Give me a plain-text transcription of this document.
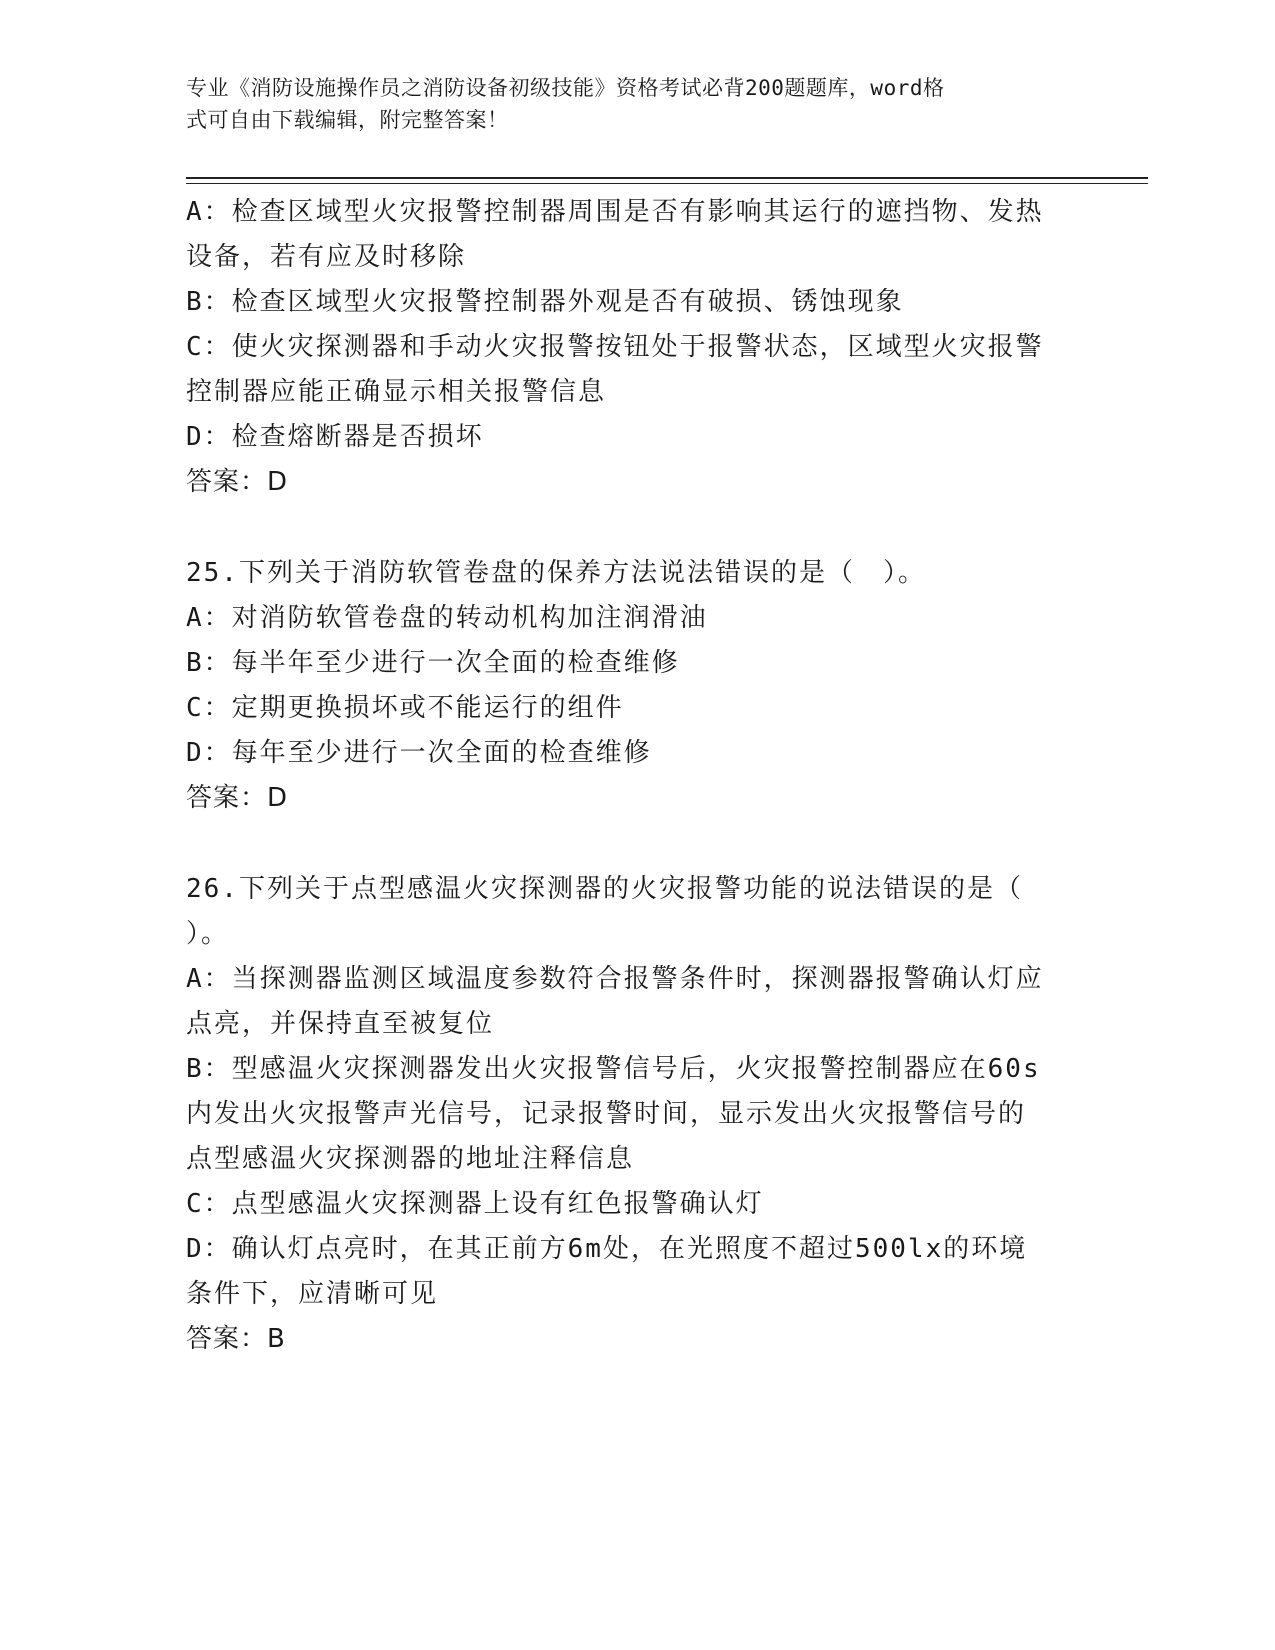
专业《消防设施操作员之消防设备初级技能》资格考试必背200题题库，word格
式可自由下载编辑，附完整答案！
A：检查区域型火灾报警控制器周围是否有影响其运行的遮挡物、发热
设备，若有应及时移除
B：检查区域型火灾报警控制器外观是否有破损、锈蚀现象
C：使火灾探测器和手动火灾报警按钮处于报警状态，区域型火灾报警
控制器应能正确显示相关报警信息
D：检查熔断器是否损坏
答案：D
25.下列关于消防软管卷盘的保养方法说法错误的是（　）。
A：对消防软管卷盘的转动机构加注润滑油
B：每半年至少进行一次全面的检查维修
C：定期更换损坏或不能运行的组件
D：每年至少进行一次全面的检查维修
答案：D
26.下列关于点型感温火灾探测器的火灾报警功能的说法错误的是（
）。
A：当探测器监测区域温度参数符合报警条件时，探测器报警确认灯应
点亮，并保持直至被复位
B：型感温火灾探测器发出火灾报警信号后，火灾报警控制器应在60s
内发出火灾报警声光信号，记录报警时间，显示发出火灾报警信号的
点型感温火灾探测器的地址注释信息
C：点型感温火灾探测器上设有红色报警确认灯
D：确认灯点亮时，在其正前方6m处，在光照度不超过500lx的环境
条件下，应清晰可见
答案：B
